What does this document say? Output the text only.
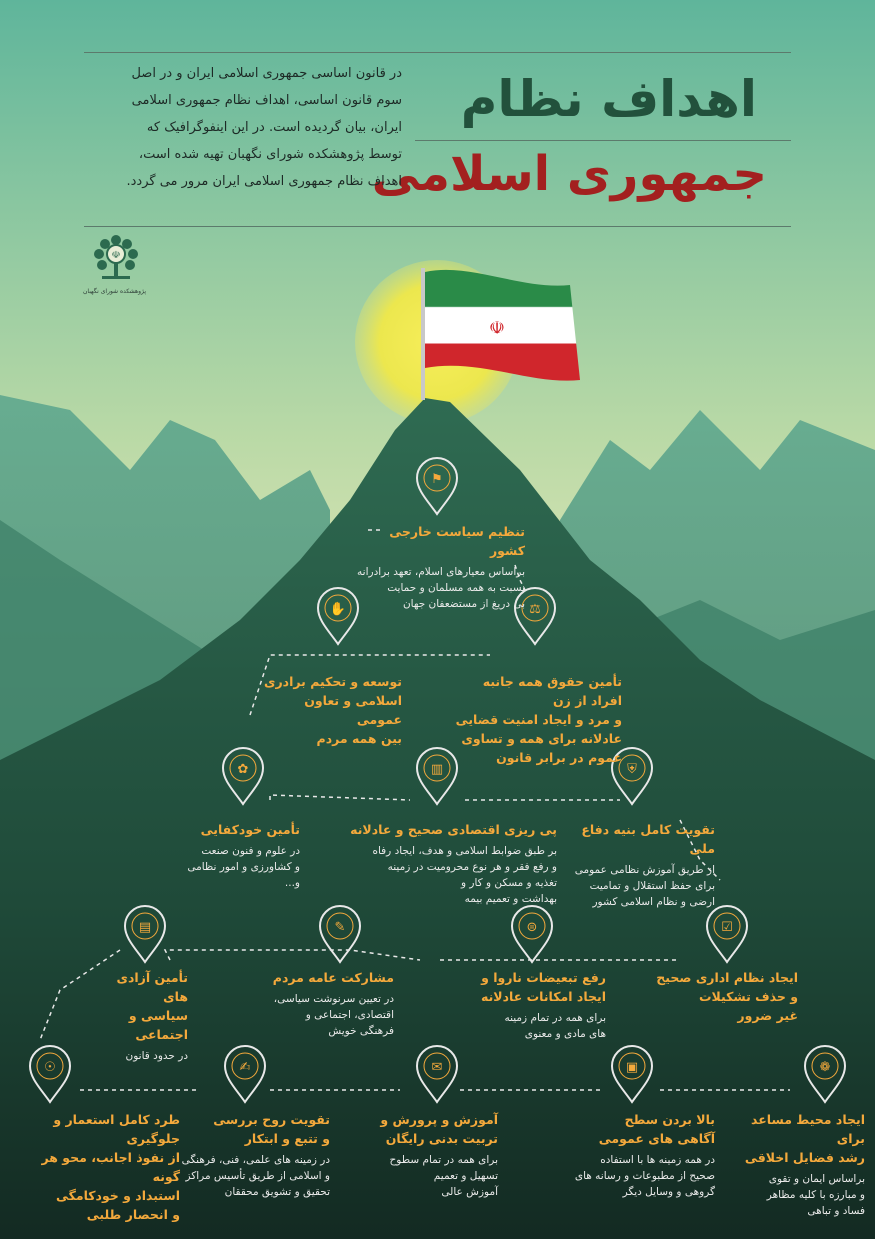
☫
⚑
✋	⚖
✿	▥	⛨
▤	✎	⊜	☑
☉	✍	✉	▣	❁
اهداف نظام
جمهوری اسلامی
در قانون اساسی جمهوری اسلامی ایران و در اصل
سوم قانون اساسی، اهداف نظام جمهوری اسلامی
ایران، بیان گردیده است. در این اینفوگرافیک که
توسط پژوهشکده شورای نگهبان تهیه شده است،
اهداف نظام جمهوری اسلامی ایران مرور می گردد.
☫
پژوهشکده شورای نگهبان
تنظیم سیاست خارجی کشور
براساس معیارهای اسلام، تعهد برادرانه
نسبت به همه مسلمان و حمایت
بی دریغ از مستضعفان جهان
توسعه و تحکیم برادری
اسلامی و تعاون عمومی
بین همه مردم
تأمین حقوق همه جانبه افراد از زن
و مرد و ایجاد امنیت قضایی
عادلانه برای همه و تساوی
عموم در برابر قانون
تأمین خودکفایی
در علوم و فنون صنعت
و کشاورزی و امور نظامی و...
پی ریزی اقتصادی صحیح و عادلانه
بر طبق ضوابط اسلامی و هدف، ایجاد رفاه
و رفع فقر و هر نوع محرومیت در زمینه
تغذیه و مسکن و کار و
بهداشت و تعمیم بیمه
تقویت کامل بنیه دفاع ملی
از طریق آموزش نظامی عمومی
برای حفظ استقلال و تمامیت
ارضی و نظام اسلامی کشور
تأمین آزادی های
سیاسی و اجتماعی
در حدود قانون
مشارکت عامه مردم
در تعیین سرنوشت سیاسی،
اقتصادی، اجتماعی و
فرهنگی خویش
رفع تبعیضات ناروا و
ایجاد امکانات عادلانه
برای همه در تمام زمینه
های مادی و معنوی
ایجاد نظام اداری صحیح
و حذف تشکیلات
غیر ضرور
طرد کامل استعمار و جلوگیری
از نفوذ اجانب، محو هر گونه
استبداد و خودکامگی
و انحصار طلبی
تقویت روح بررسی
و تتبع و ابتکار
در زمینه های علمی، فنی، فرهنگی
و اسلامی از طریق تأسیس مراکز
تحقیق و تشویق محققان
آموزش و پرورش و
تربیت بدنی رایگان
برای همه در تمام سطوح
تسهیل و تعمیم
آموزش عالی
بالا بردن سطح
آگاهی های عمومی
در همه زمینه ها با استفاده
صحیح از مطبوعات و رسانه های
گروهی و وسایل دیگر
ایجاد محیط مساعد برای
رشد فضایل اخلاقی
براساس ایمان و تقوی
و مبارزه با کلیه مظاهر
فساد و تباهی
